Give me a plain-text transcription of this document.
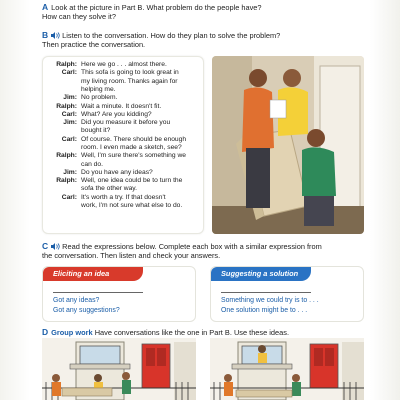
A Look at the picture in Part B. What problem do the people have?
How can they solve it?
B Listen to the conversation. How do they plan to solve the problem?
Then practice the conversation.
Ralph: Here we go . . . almost there.
Carl: This sofa is going to look great in
my living room. Thanks again for
helping me.
Jim: No problem.
Ralph: Wait a minute. It doesn't fit.
Carl: What? Are you kidding?
Jim: Did you measure it before you
bought it?
Carl: Of course. There should be enough
room. I even made a sketch, see?
Ralph: Well, I'm sure there's something we
can do.
Jim: Do you have any ideas?
Ralph: Well, one idea could be to turn the
sofa the other way.
Carl: It's worth a try. If that doesn't
work, I'm not sure what else to do.
C Read the expressions below. Complete each box with a similar expression from
the conversation. Then listen and check your answers.
Eliciting an idea
Got any ideas?
Got any suggestions?
Suggesting a solution
Something we could try is to . . .
One solution might be to . . .
D Group work Have conversations like the one in Part B. Use these ideas.
